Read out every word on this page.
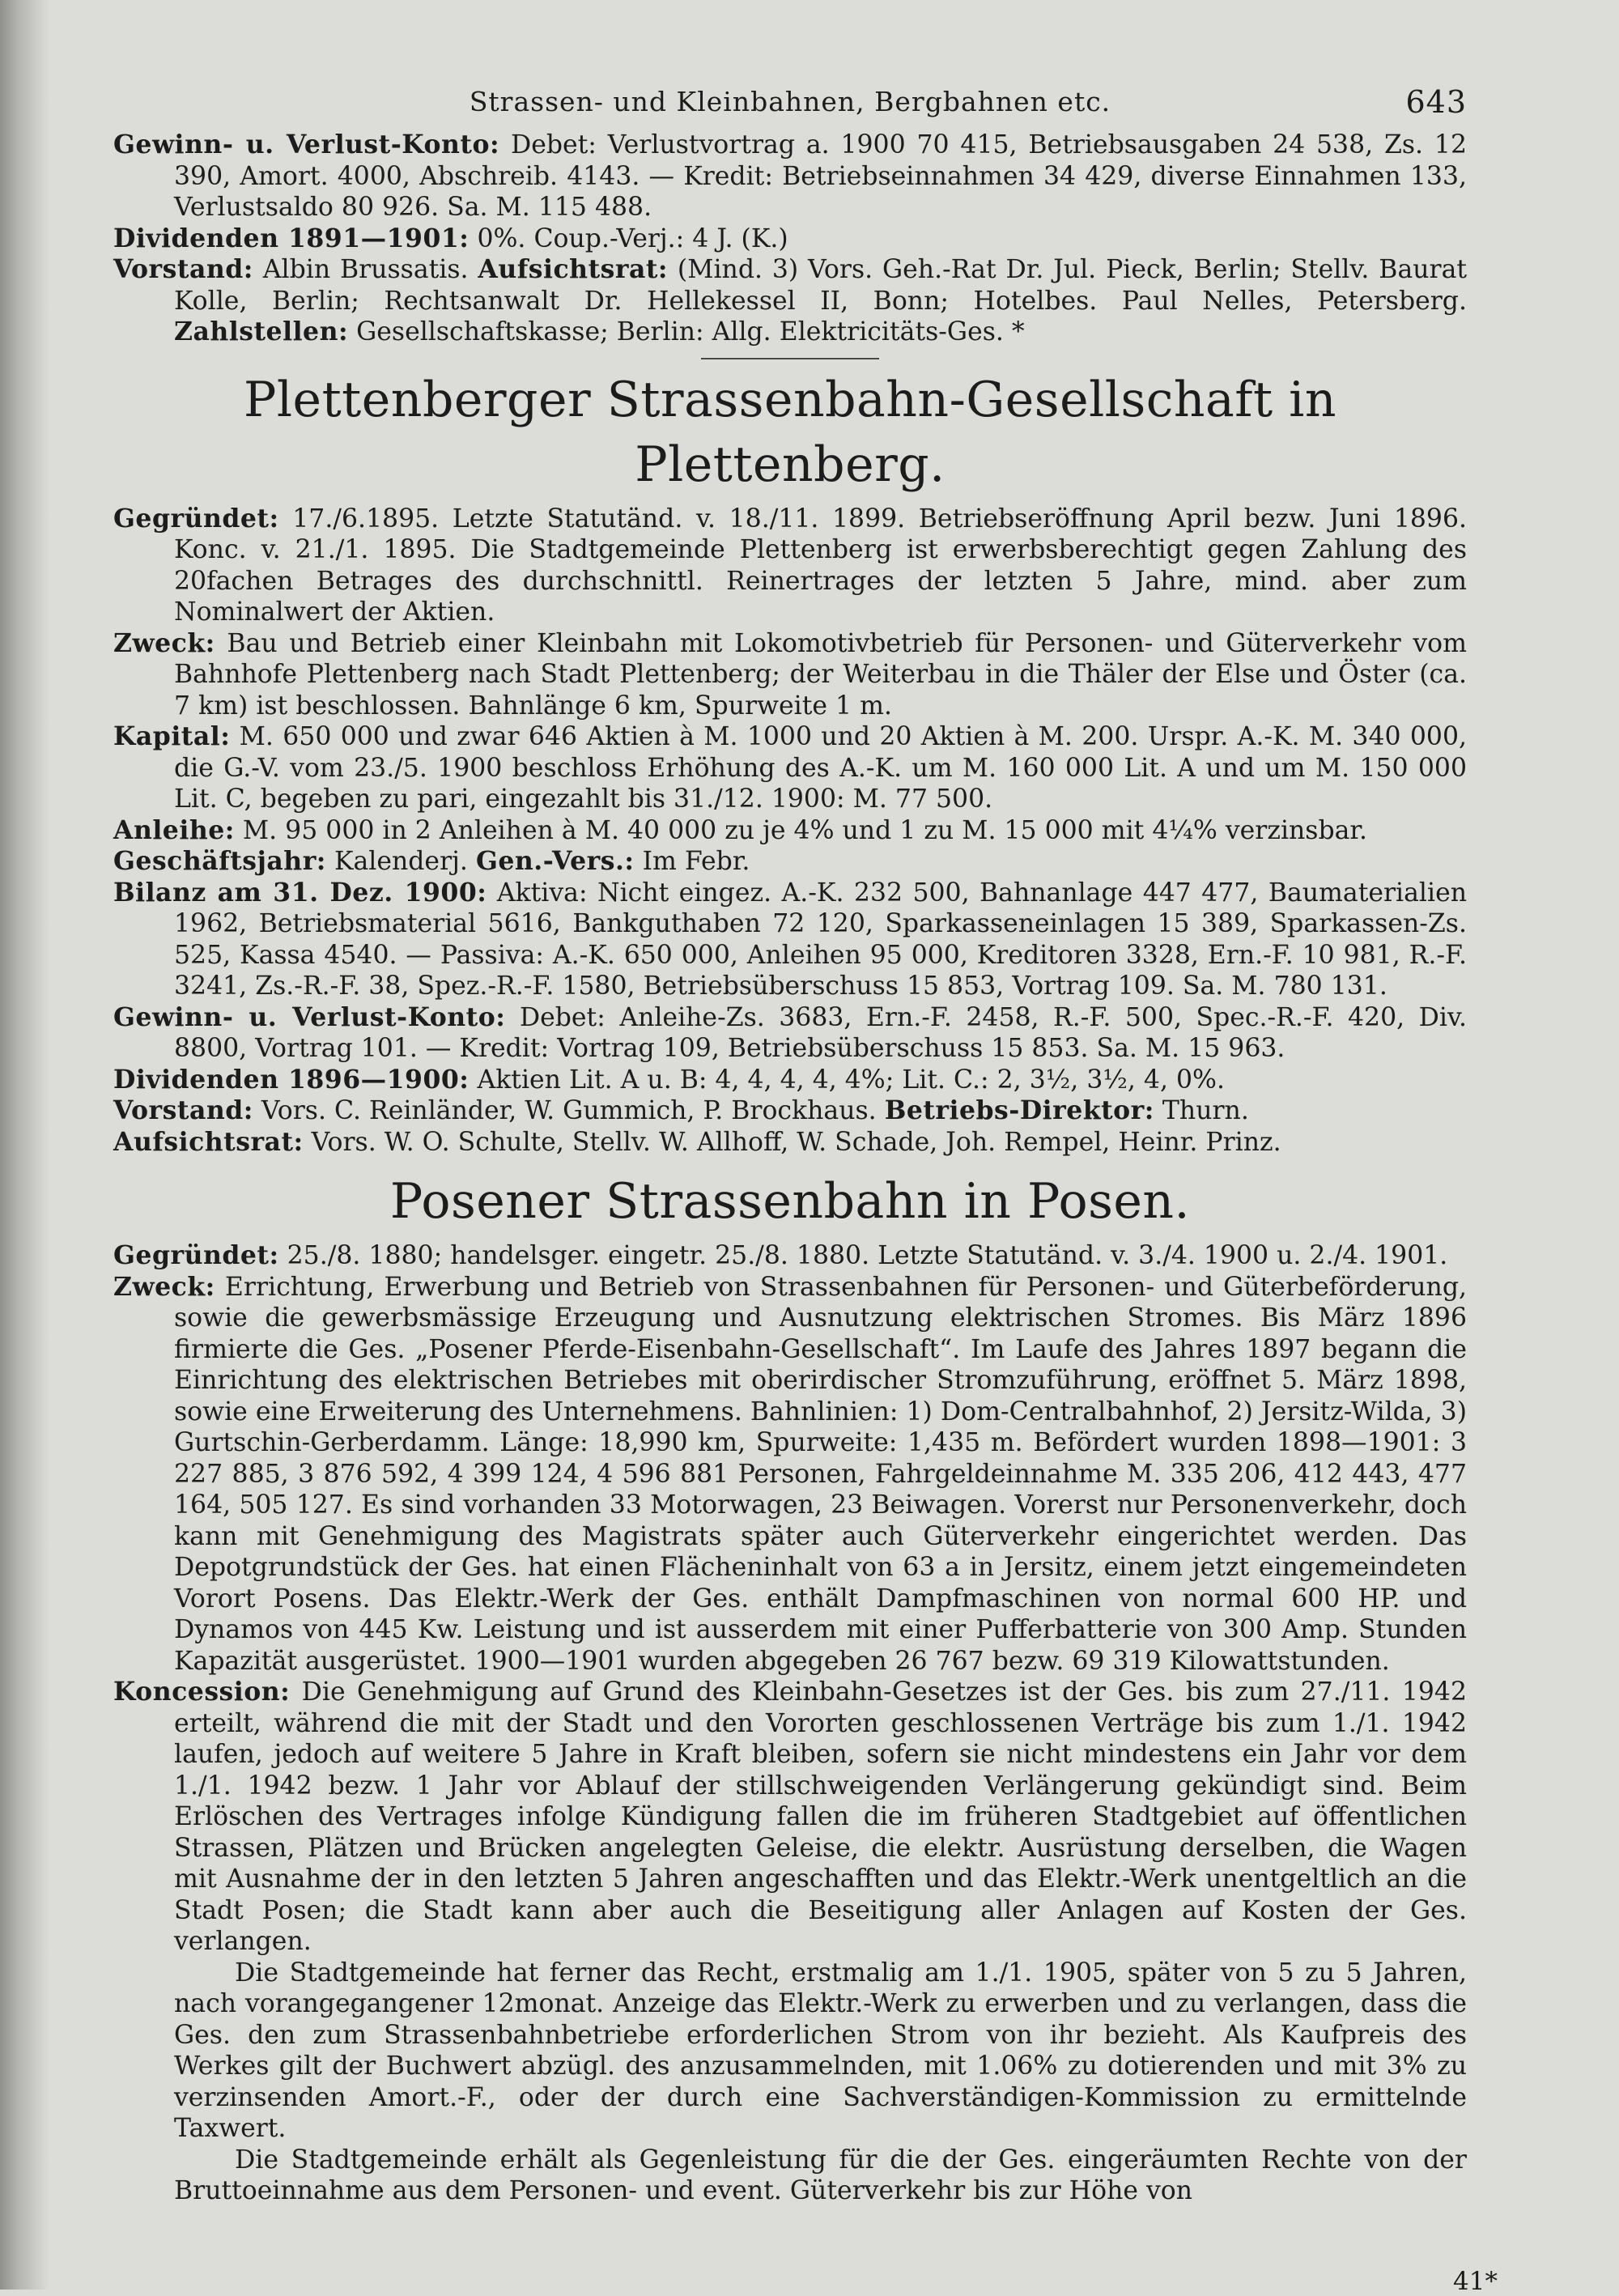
Strassen- und Kleinbahnen, Bergbahnen etc.	643
Gewinn- u. Verlust-Konto: Debet: Verlustvortrag a. 1900 70 415, Betriebsausgaben 24 538, Zs. 12 390, Amort. 4000, Abschreib. 4143. — Kredit: Betriebseinnahmen 34 429, diverse Einnahmen 133, Verlustsaldo 80 926. Sa. M. 115 488.
Dividenden 1891—1901: 0%. Coup.-Verj.: 4 J. (K.)
Vorstand: Albin Brussatis. Aufsichtsrat: (Mind. 3) Vors. Geh.-Rat Dr. Jul. Pieck, Berlin; Stellv. Baurat Kolle, Berlin; Rechtsanwalt Dr. Hellekessel II, Bonn; Hotelbes. Paul Nelles, Petersberg. Zahlstellen: Gesellschaftskasse; Berlin: Allg. Elektricitäts-Ges. *
Plettenberger Strassenbahn-Gesellschaft in Plettenberg.
Gegründet: 17./6.1895. Letzte Statutänd. v. 18./11. 1899. Betriebseröffnung April bezw. Juni 1896. Konc. v. 21./1. 1895. Die Stadtgemeinde Plettenberg ist erwerbsberechtigt gegen Zahlung des 20fachen Betrages des durchschnittl. Reinertrages der letzten 5 Jahre, mind. aber zum Nominalwert der Aktien.
Zweck: Bau und Betrieb einer Kleinbahn mit Lokomotivbetrieb für Personen- und Güterverkehr vom Bahnhofe Plettenberg nach Stadt Plettenberg; der Weiterbau in die Thäler der Else und Öster (ca. 7 km) ist beschlossen. Bahnlänge 6 km, Spurweite 1 m.
Kapital: M. 650 000 und zwar 646 Aktien à M. 1000 und 20 Aktien à M. 200. Urspr. A.-K. M. 340 000, die G.-V. vom 23./5. 1900 beschloss Erhöhung des A.-K. um M. 160 000 Lit. A und um M. 150 000 Lit. C, begeben zu pari, eingezahlt bis 31./12. 1900: M. 77 500.
Anleihe: M. 95 000 in 2 Anleihen à M. 40 000 zu je 4% und 1 zu M. 15 000 mit 4¼% verzinsbar.
Geschäftsjahr: Kalenderj. Gen.-Vers.: Im Febr.
Bilanz am 31. Dez. 1900: Aktiva: Nicht eingez. A.-K. 232 500, Bahnanlage 447 477, Baumaterialien 1962, Betriebsmaterial 5616, Bankguthaben 72 120, Sparkasseneinlagen 15 389, Sparkassen-Zs. 525, Kassa 4540. — Passiva: A.-K. 650 000, Anleihen 95 000, Kreditoren 3328, Ern.-F. 10 981, R.-F. 3241, Zs.-R.-F. 38, Spez.-R.-F. 1580, Betriebsüberschuss 15 853, Vortrag 109. Sa. M. 780 131.
Gewinn- u. Verlust-Konto: Debet: Anleihe-Zs. 3683, Ern.-F. 2458, R.-F. 500, Spec.-R.-F. 420, Div. 8800, Vortrag 101. — Kredit: Vortrag 109, Betriebsüberschuss 15 853. Sa. M. 15 963.
Dividenden 1896—1900: Aktien Lit. A u. B: 4, 4, 4, 4, 4%; Lit. C.: 2, 3½, 3½, 4, 0%.
Vorstand: Vors. C. Reinländer, W. Gummich, P. Brockhaus. Betriebs-Direktor: Thurn.
Aufsichtsrat: Vors. W. O. Schulte, Stellv. W. Allhoff, W. Schade, Joh. Rempel, Heinr. Prinz.
Posener Strassenbahn in Posen.
Gegründet: 25./8. 1880; handelsger. eingetr. 25./8. 1880. Letzte Statutänd. v. 3./4. 1900 u. 2./4. 1901.
Zweck: Errichtung, Erwerbung und Betrieb von Strassenbahnen für Personen- und Güterbeförderung, sowie die gewerbsmässige Erzeugung und Ausnutzung elektrischen Stromes. Bis März 1896 firmierte die Ges. „Posener Pferde-Eisenbahn-Gesellschaft“. Im Laufe des Jahres 1897 begann die Einrichtung des elektrischen Betriebes mit oberirdischer Stromzuführung, eröffnet 5. März 1898, sowie eine Erweiterung des Unternehmens. Bahnlinien: 1) Dom-Centralbahnhof, 2) Jersitz-Wilda, 3) Gurtschin-Gerberdamm. Länge: 18,990 km, Spurweite: 1,435 m. Befördert wurden 1898—1901: 3 227 885, 3 876 592, 4 399 124, 4 596 881 Personen, Fahrgeldeinnahme M. 335 206, 412 443, 477 164, 505 127. Es sind vorhanden 33 Motorwagen, 23 Beiwagen. Vorerst nur Personenverkehr, doch kann mit Genehmigung des Magistrats später auch Güterverkehr eingerichtet werden. Das Depotgrundstück der Ges. hat einen Flächeninhalt von 63 a in Jersitz, einem jetzt eingemeindeten Vorort Posens. Das Elektr.-Werk der Ges. enthält Dampfmaschinen von normal 600 HP. und Dynamos von 445 Kw. Leistung und ist ausserdem mit einer Pufferbatterie von 300 Amp. Stunden Kapazität ausgerüstet. 1900—1901 wurden abgegeben 26 767 bezw. 69 319 Kilowattstunden.
Koncession: Die Genehmigung auf Grund des Kleinbahn-Gesetzes ist der Ges. bis zum 27./11. 1942 erteilt, während die mit der Stadt und den Vororten geschlossenen Verträge bis zum 1./1. 1942 laufen, jedoch auf weitere 5 Jahre in Kraft bleiben, sofern sie nicht mindestens ein Jahr vor dem 1./1. 1942 bezw. 1 Jahr vor Ablauf der stillschweigenden Verlängerung gekündigt sind. Beim Erlöschen des Vertrages infolge Kündigung fallen die im früheren Stadtgebiet auf öffentlichen Strassen, Plätzen und Brücken angelegten Geleise, die elektr. Ausrüstung derselben, die Wagen mit Ausnahme der in den letzten 5 Jahren angeschafften und das Elektr.-Werk unentgeltlich an die Stadt Posen; die Stadt kann aber auch die Beseitigung aller Anlagen auf Kosten der Ges. verlangen.
Die Stadtgemeinde hat ferner das Recht, erstmalig am 1./1. 1905, später von 5 zu 5 Jahren, nach vorangegangener 12monat. Anzeige das Elektr.-Werk zu erwerben und zu verlangen, dass die Ges. den zum Strassenbahnbetriebe erforderlichen Strom von ihr bezieht. Als Kaufpreis des Werkes gilt der Buchwert abzügl. des anzusammelnden, mit 1.06% zu dotierenden und mit 3% zu verzinsenden Amort.-F., oder der durch eine Sachverständigen-Kommission zu ermittelnde Taxwert.
Die Stadtgemeinde erhält als Gegenleistung für die der Ges. eingeräumten Rechte von der Bruttoeinnahme aus dem Personen- und event. Güterverkehr bis zur Höhe von
41*
